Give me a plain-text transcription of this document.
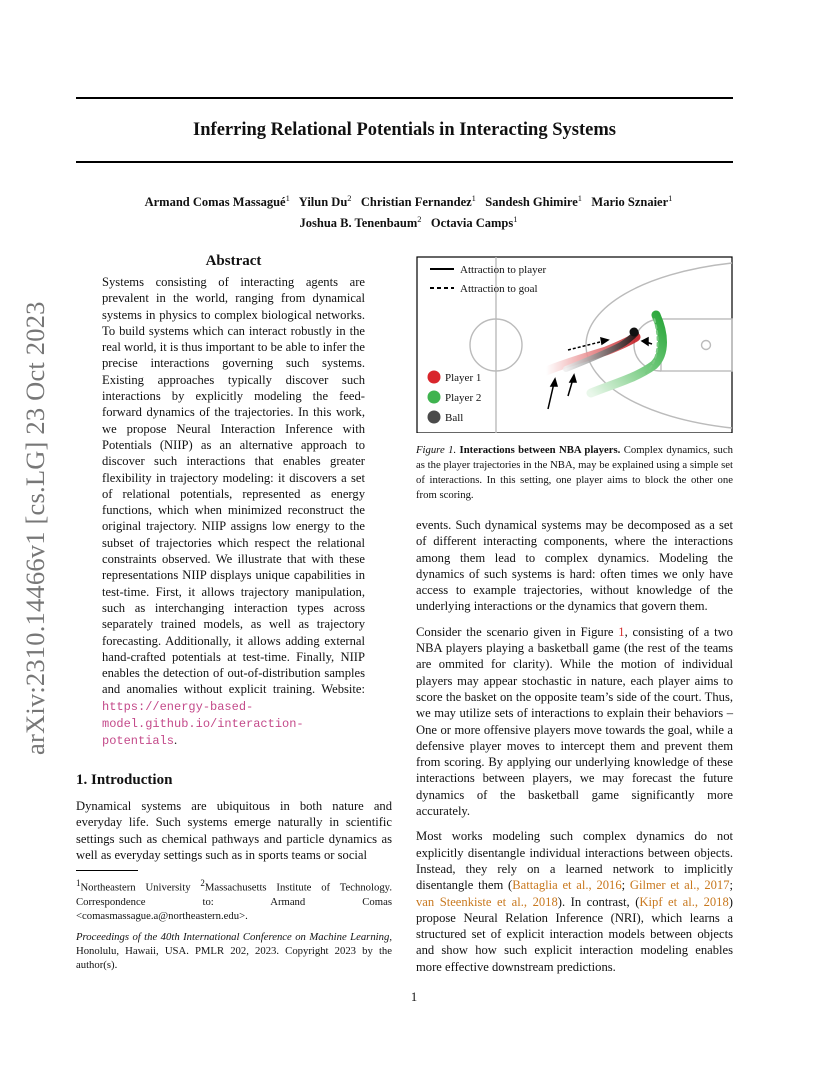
Inferring Relational Potentials in Interacting Systems
Armand Comas Massagué$^1$ Yilun Du$^2$ Christian Fernandez$^1$ Sandesh Ghimire$^1$ Mario Sznaier$^1$
Joshua B. Tenenbaum$^2$ Octavia Camps$^1$
arXiv:2310.14466v1 [cs.LG] 23 Oct 2023
Abstract
Systems consisting of interacting agents are prevalent in the world, ranging from dynamical systems in physics to complex biological networks. To build systems which can interact robustly in the real world, it is thus important to be able to infer the precise interactions governing such systems. Existing approaches typically discover such interactions by explicitly modeling the feed-forward dynamics of the trajectories. In this work, we propose Neural Interaction Inference with Potentials (NIIP) as an alternative approach to discover such interactions that enables greater flexibility in trajectory modeling: it discovers a set of relational potentials, represented as energy functions, which when minimized reconstruct the original trajectory. NIIP assigns low energy to the subset of trajectories which respect the relational constraints observed. We illustrate that with these representations NIIP displays unique capabilities in test-time. First, it allows trajectory manipulation, such as interchanging interaction types across separately trained models, as well as trajectory forecasting. Additionally, it allows adding external hand-crafted potentials at test-time. Finally, NIIP enables the detection of out-of-distribution samples and anomalies without explicit training. Website: https://energy-based-model.github.io/interaction-potentials.
1. Introduction
Dynamical systems are ubiquitous in both nature and everyday life. Such systems emerge naturally in scientific settings such as chemical pathways and particle dynamics as well as everyday settings such as in sports teams or social
$^1$Northeastern University $^2$Massachusetts Institute of Technology. Correspondence to: Armand Comas <comasmassague.a@northeastern.edu>.
Proceedings of the 40th International Conference on Machine Learning, Honolulu, Hawaii, USA. PMLR 202, 2023. Copyright 2023 by the author(s).
Attraction to player
Attraction to goal
Player 1
Player 2
Ball
Figure 1. Interactions between NBA players. Complex dynamics, such as the player trajectories in the NBA, may be explained using a simple set of interactions. In this setting, one player aims to block the other one from scoring.

events. Such dynamical systems may be decomposed as a set of different interacting components, where the interactions among them lead to complex dynamics. Modeling the dynamics of such systems is hard: often times we only have access to example trajectories, without knowledge of the underlying interactions or the dynamics that govern them.

Consider the scenario given in Figure 1, consisting of a two NBA players playing a basketball game (the rest of the teams are ommited for clarity). While the motion of individual players may appear stochastic in nature, each player aims to score the basket on the opposite team’s side of the court. Thus, we may utilize sets of interactions to explain their behaviors – One or more offensive players move towards the goal, while a defensive player moves to intercept them and prevent them from scoring. By applying our underlying knowledge of these interactions between players, we may forecast the future dynamics of the basketball game significantly more accurately.

Most works modeling such complex dynamics do not explicitly disentangle individual interactions between objects. Instead, they rely on a learned network to implicitly disentangle them (Battaglia et al., 2016; Gilmer et al., 2017; van Steenkiste et al., 2018). In contrast, (Kipf et al., 2018) propose Neural Relation Inference (NRI), which learns a structured set of explicit interaction models between objects and show how such explicit interaction modeling enables more effective downstream predictions.

1
